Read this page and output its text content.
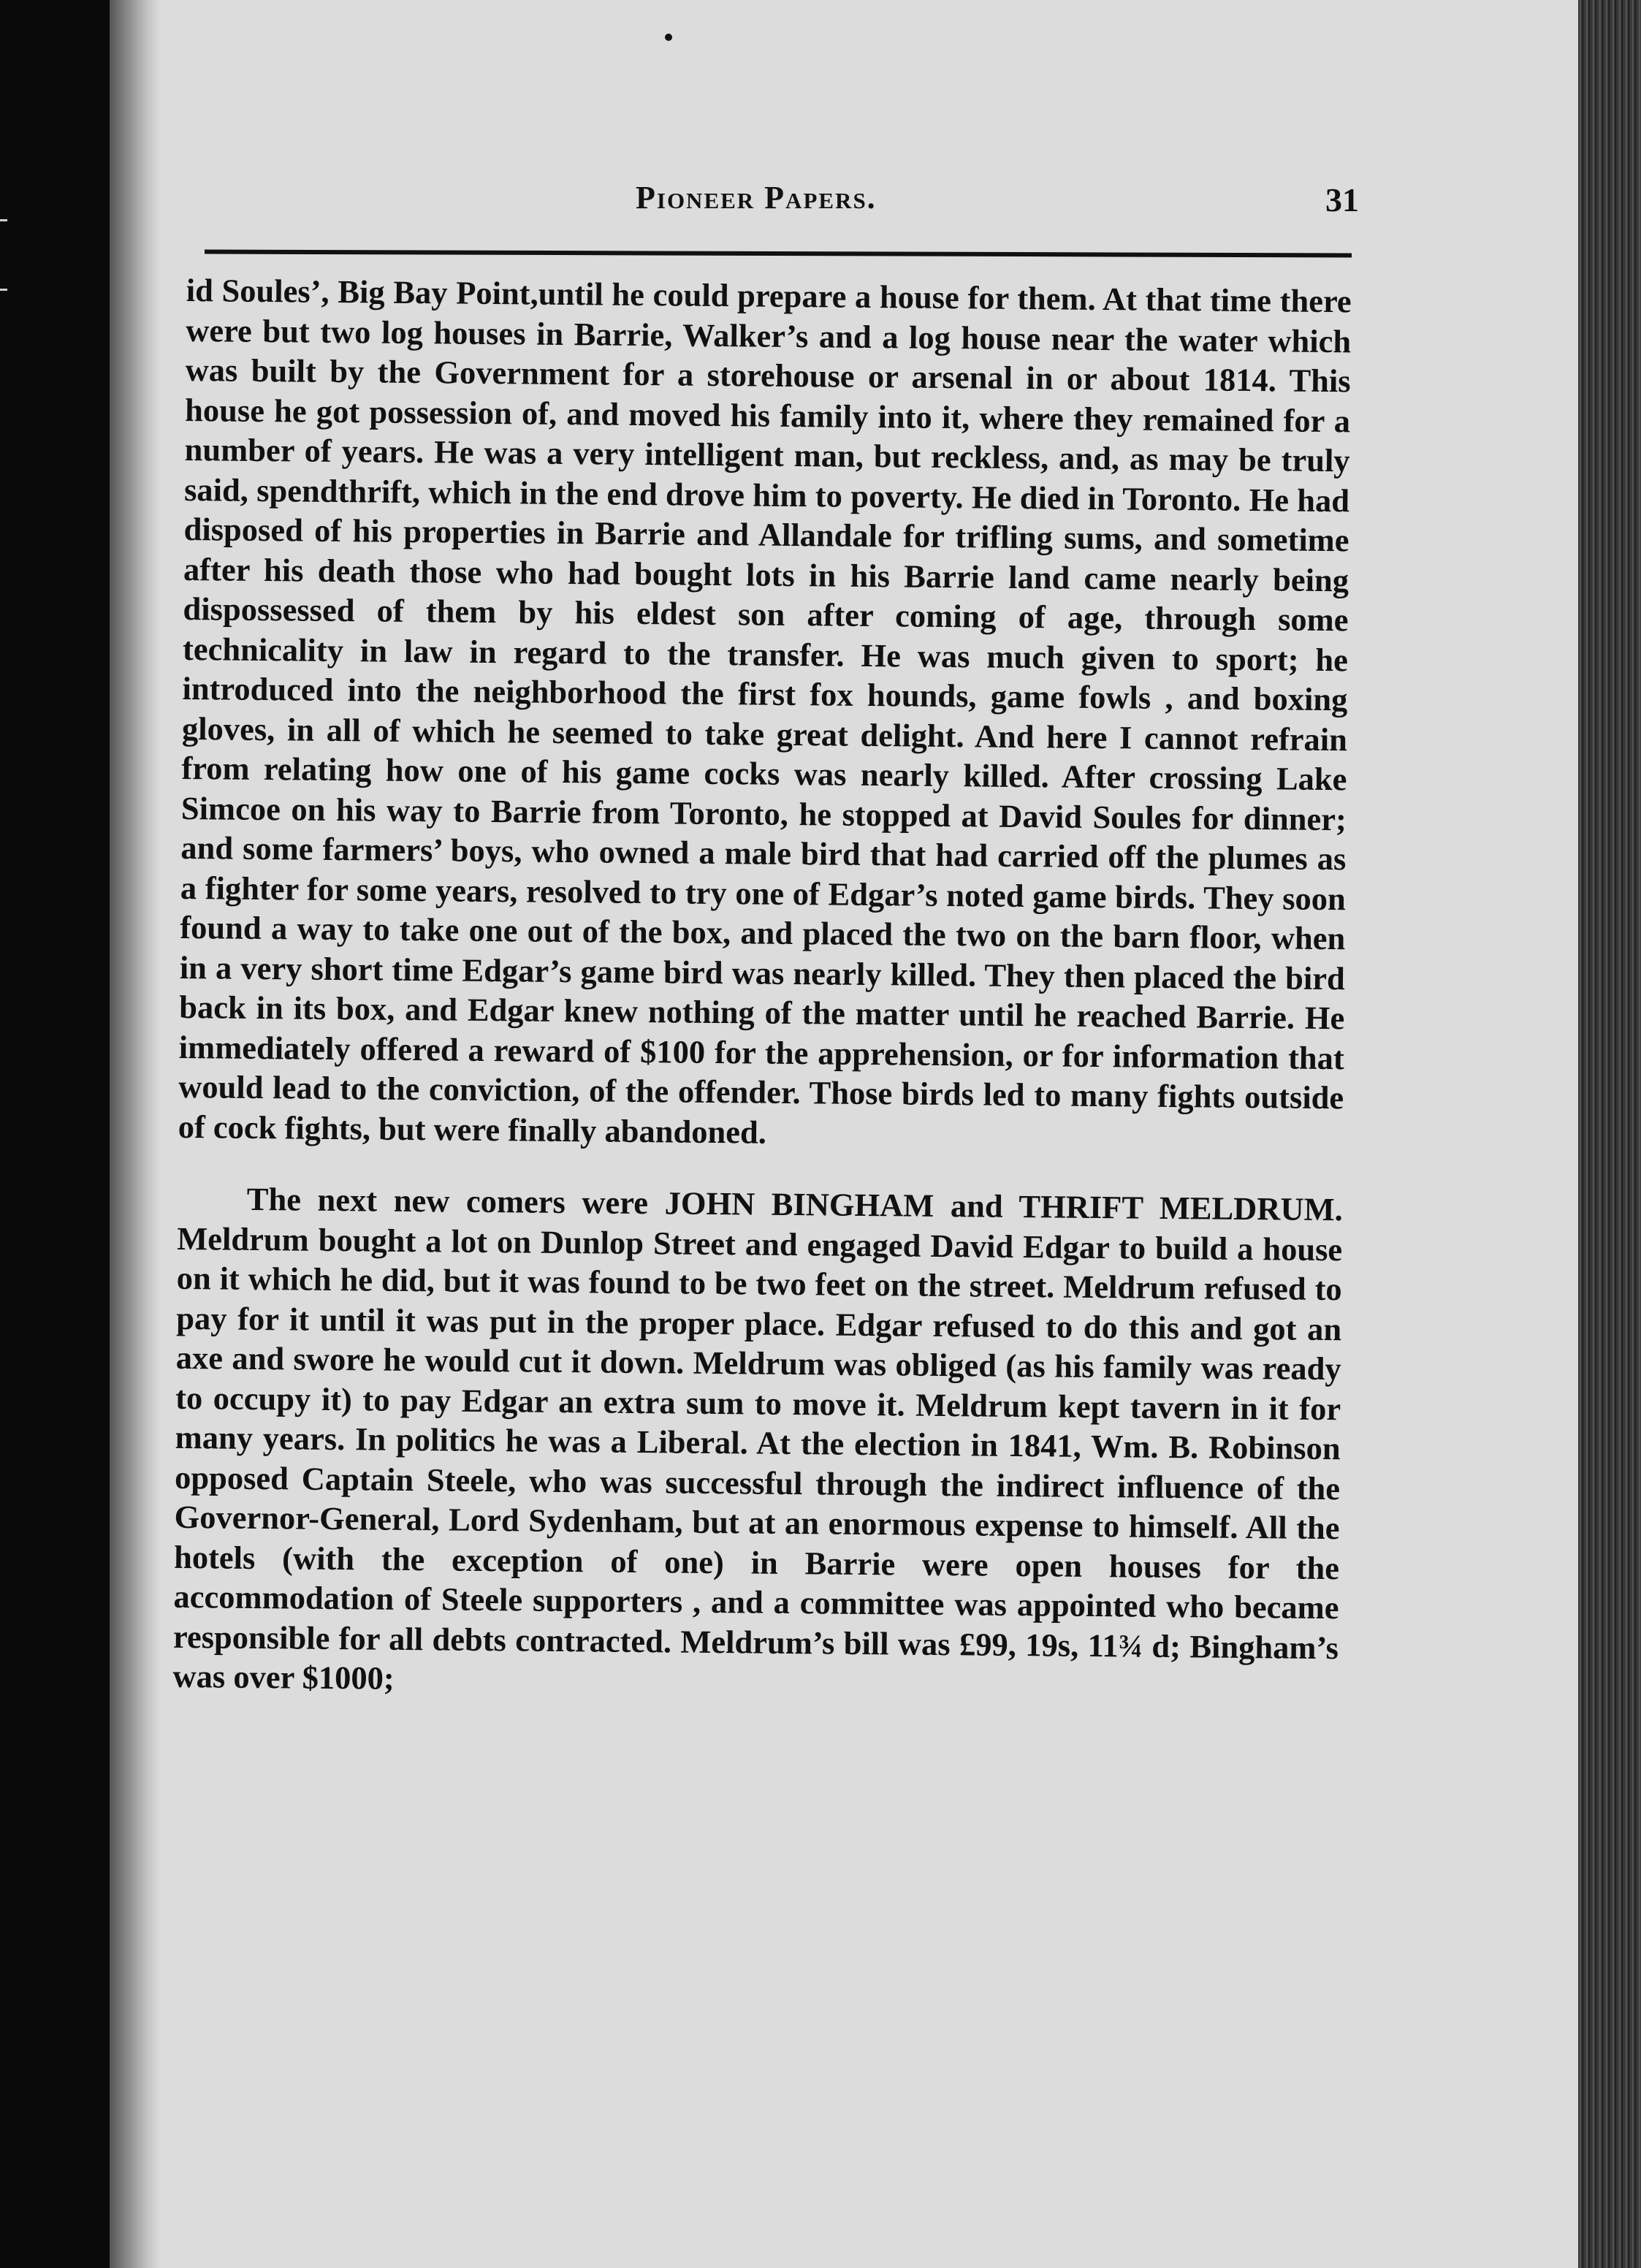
Pioneer Papers.	31

id Soules’, Big Bay Point,until he could prepare a house for them. At that time there were but two log houses in Barrie, Walker’s and a log house near the water which was built by the Government for a storehouse or arsenal in or about 1814. This house he got possession of, and moved his family into it, where they remained for a number of years. He was a very intelligent man, but reckless, and, as may be truly said, spendthrift, which in the end drove him to poverty. He died in Toronto. He had disposed of his properties in Barrie and Allandale for trifling sums, and sometime after his death those who had bought lots in his Barrie land came nearly being dispossessed of them by his eldest son after coming of age, through some technicality in law in regard to the transfer. He was much given to sport; he introduced into the neighborhood the first fox hounds, game fowls , and boxing gloves, in all of which he seemed to take great delight. And here I cannot refrain from relating how one of his game cocks was nearly killed. After crossing Lake Simcoe on his way to Barrie from Toronto, he stopped at David Soules for dinner; and some farmers’ boys, who owned a male bird that had carried off the plumes as a fighter for some years, resolved to try one of Edgar’s noted game birds. They soon found a way to take one out of the box, and placed the two on the barn floor, when in a very short time Edgar’s game bird was nearly killed. They then placed the bird back in its box, and Edgar knew nothing of the matter until he reached Barrie. He immediately offered a reward of $100 for the apprehension, or for information that would lead to the conviction, of the offender. Those birds led to many fights outside of cock fights, but were finally abandoned.

The next new comers were JOHN BINGHAM and THRIFT MELDRUM. Meldrum bought a lot on Dunlop Street and engaged David Edgar to build a house on it which he did, but it was found to be two feet on the street. Meldrum refused to pay for it until it was put in the proper place. Edgar refused to do this and got an axe and swore he would cut it down. Meldrum was obliged (as his family was ready to occupy it) to pay Edgar an extra sum to move it. Meldrum kept tavern in it for many years. In politics he was a Liberal. At the election in 1841, Wm. B. Robinson opposed Captain Steele, who was successful through the indirect influence of the Governor-General, Lord Sydenham, but at an enormous expense to himself. All the hotels (with the exception of one) in Barrie were open houses for the accommodation of Steele supporters , and a committee was appointed who became responsible for all debts contracted. Meldrum’s bill was £99, 19s, 11¾ d; Bingham’s was over $1000;
